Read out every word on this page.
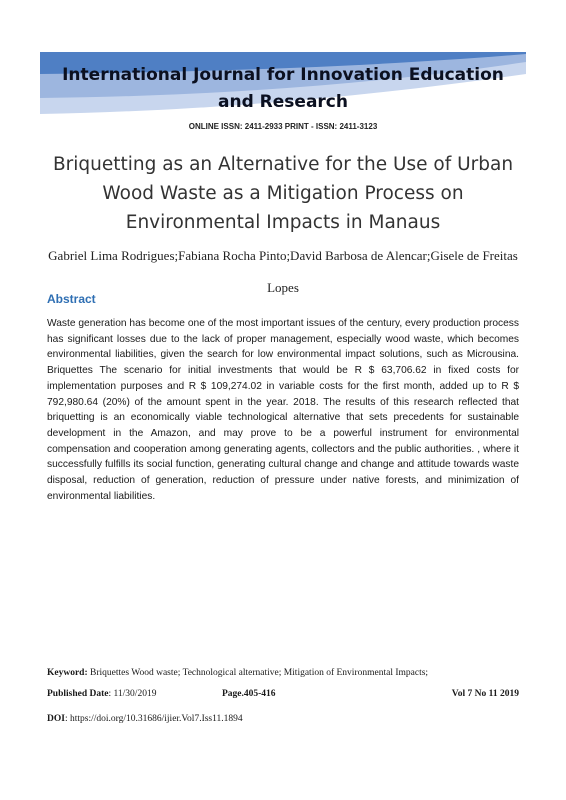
International Journal for Innovation Education and Research
ONLINE ISSN: 2411-2933 PRINT - ISSN: 2411-3123
Briquetting as an Alternative for the Use of Urban Wood Waste as a Mitigation Process on Environmental Impacts in Manaus
Gabriel Lima Rodrigues;Fabiana Rocha Pinto;David Barbosa de Alencar;Gisele de Freitas Lopes
Abstract

Waste generation has become one of the most important issues of the century, every production process has significant losses due to the lack of proper management, especially wood waste, which becomes environmental liabilities, given the search for low environmental impact solutions, such as Microusina. Briquettes The scenario for initial investments that would be R $ 63,706.62 in fixed costs for implementation purposes and R $ 109,274.02 in variable costs for the first month, added up to R $ 792,980.64 (20%) of the amount spent in the year. 2018. The results of this research reflected that briquetting is an economically viable technological alternative that sets precedents for sustainable development in the Amazon, and may prove to be a powerful instrument for environmental compensation and cooperation among generating agents, collectors and the public authorities. , where it successfully fulfills its social function, generating cultural change and change and attitude towards waste disposal, reduction of generation, reduction of pressure under native forests, and minimization of environmental liabilities.

Keyword: Briquettes Wood waste; Technological alternative; Mitigation of Environmental Impacts;
Published Date: 11/30/2019	Page.405-416	Vol 7 No 11 2019
DOI: https://doi.org/10.31686/ijier.Vol7.Iss11.1894
